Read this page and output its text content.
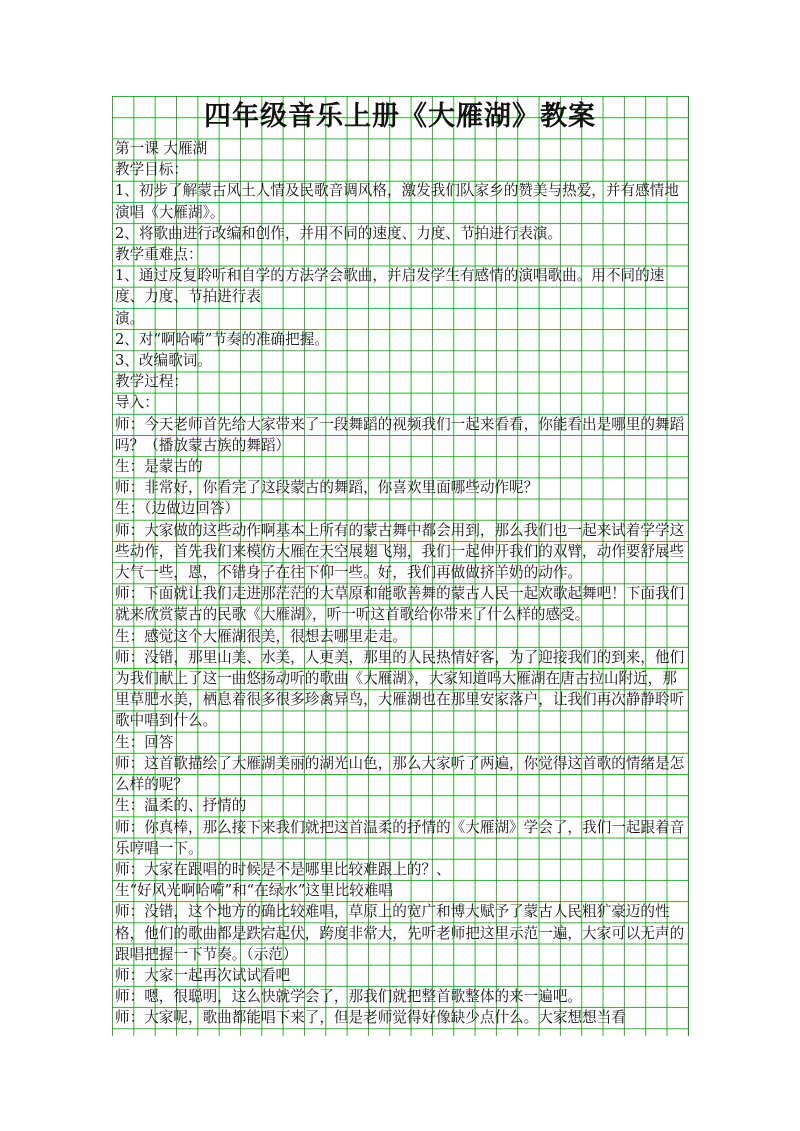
四年级音乐上册《大雁湖》教案

第一课 大雁湖

教学目标：

1、初步了解蒙古风土人情及民歌音调风格，激发我们队家乡的赞美与热爱，并有感情地演唱《大雁湖》。

2、将歌曲进行改编和创作，并用不同的速度、力度、节拍进行表演。

教学重难点：

1、通过反复聆听和自学的方法学会歌曲，并启发学生有感情的演唱歌曲。用不同的速度、力度、节拍进行表

演。

2、对“啊哈嗬”节奏的准确把握。

3、改编歌词。

教学过程：

导入：

师：今天老师首先给大家带来了一段舞蹈的视频我们一起来看看，你能看出是哪里的舞蹈吗？（播放蒙古族的舞蹈）

生：是蒙古的

师：非常好，你看完了这段蒙古的舞蹈，你喜欢里面哪些动作呢？

生：（边做边回答）

师：大家做的这些动作啊基本上所有的蒙古舞中都会用到，那么我们也一起来试着学学这些动作，首先我们来模仿大雁在天空展翅飞翔，我们一起伸开我们的双臂，动作要舒展些大气一些，恩，不错身子在往下仰一些。好，我们再做做挤羊奶的动作。

师：下面就让我们走进那茫茫的大草原和能歌善舞的蒙古人民一起欢歌起舞吧！下面我们就来欣赏蒙古的民歌《大雁湖》，听一听这首歌给你带来了什么样的感受。

生：感觉这个大雁湖很美，很想去哪里走走。

师：没错，那里山美、水美，人更美，那里的人民热情好客，为了迎接我们的到来，他们为我们献上了这一曲悠扬动听的歌曲《大雁湖》，大家知道吗大雁湖在唐古拉山附近，那里草肥水美，栖息着很多很多珍禽异鸟，大雁湖也在那里安家落户，让我们再次静静聆听歌中唱到什么。

生：回答

师：这首歌描绘了大雁湖美丽的湖光山色，那么大家听了两遍，你觉得这首歌的情绪是怎么样的呢？

生：温柔的、抒情的

师：你真棒，那么接下来我们就把这首温柔的抒情的《大雁湖》学会了，我们一起跟着音乐哼唱一下。

师：大家在跟唱的时候是不是哪里比较难跟上的？、

生“好风光啊哈嗬”和“在绿水”这里比较难唱

师：没错，这个地方的确比较难唱，草原上的宽广和博大赋予了蒙古人民粗犷豪迈的性格，他们的歌曲都是跌宕起伏，跨度非常大，先听老师把这里示范一遍，大家可以无声的跟唱把握一下节奏。（示范）

师：大家一起再次试试看吧

师：嗯，很聪明，这么快就学会了，那我们就把整首歌整体的来一遍吧。

师：大家呢，歌曲都能唱下来了，但是老师觉得好像缺少点什么。大家想想当看
